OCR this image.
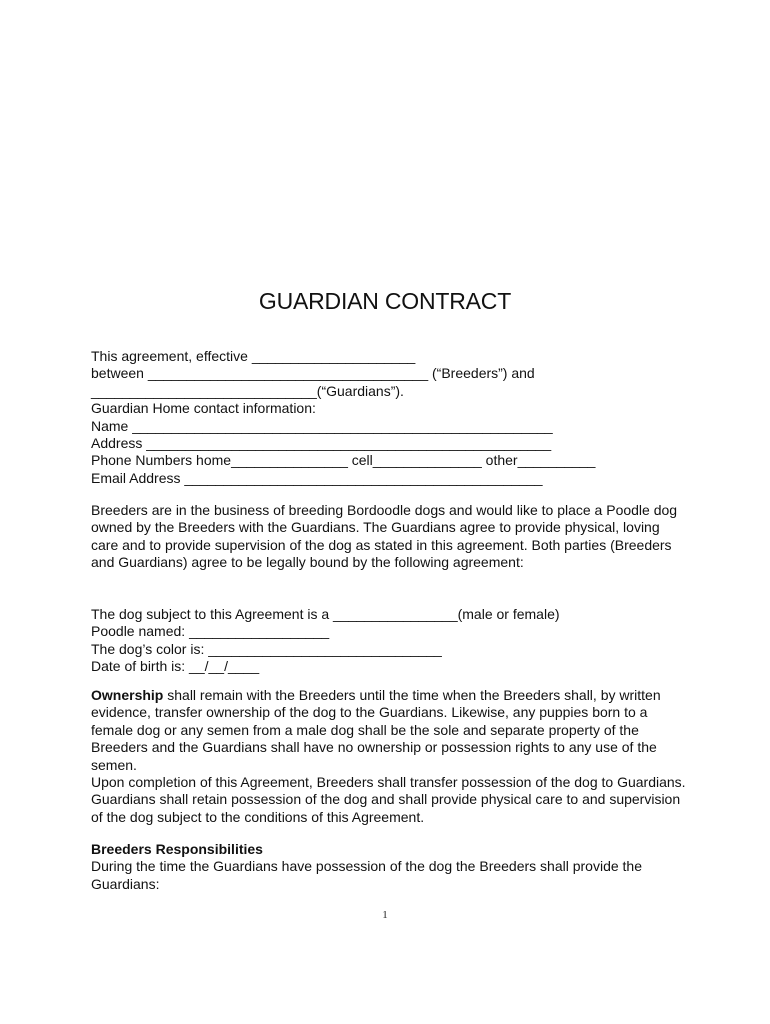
GUARDIAN CONTRACT
This agreement, effective _____________________
between ____________________________________ (“Breeders”) and
_____________________________(“Guardians”).
Guardian Home contact information:
Name ______________________________________________________
Address ____________________________________________________
Phone Numbers home_______________ cell______________ other__________
Email Address ______________________________________________
Breeders are in the business of breeding Bordoodle dogs and would like to place a Poodle dog owned by the Breeders with the Guardians. The Guardians agree to provide physical, loving care and to provide supervision of the dog as stated in this agreement. Both parties (Breeders and Guardians) agree to be legally bound by the following agreement:
The dog subject to this Agreement is a ________________(male or female)
Poodle named: __________________
The dog’s color is: ______________________________
Date of birth is: __/__/____
Ownership shall remain with the Breeders until the time when the Breeders shall, by written evidence, transfer ownership of the dog to the Guardians. Likewise, any puppies born to a female dog or any semen from a male dog shall be the sole and separate property of the Breeders and the Guardians shall have no ownership or possession rights to any use of the semen.
Upon completion of this Agreement, Breeders shall transfer possession of the dog to Guardians. Guardians shall retain possession of the dog and shall provide physical care to and supervision of the dog subject to the conditions of this Agreement.
Breeders Responsibilities
During the time the Guardians have possession of the dog the Breeders shall provide the Guardians:
1
